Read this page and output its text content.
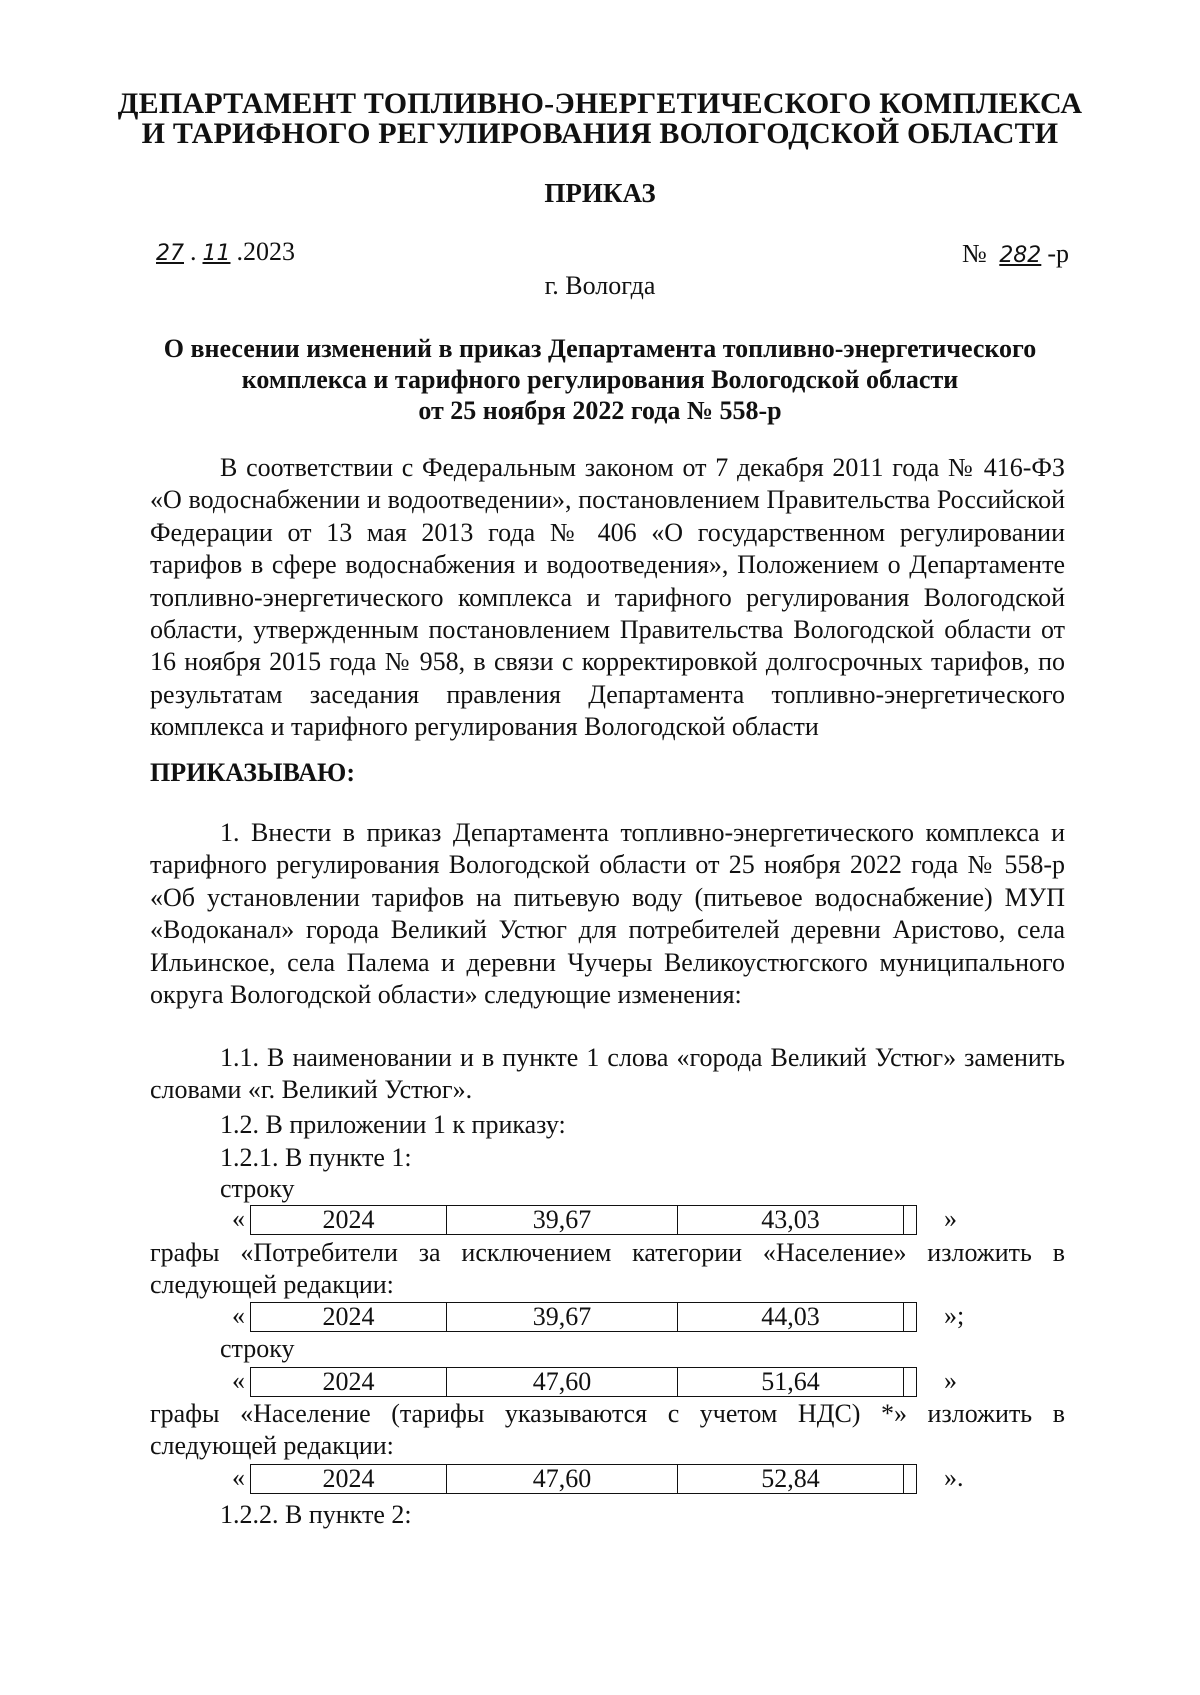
ДЕПАРТАМЕНТ ТОПЛИВНО-ЭНЕРГЕТИЧЕСКОГО КОМПЛЕКСА
И ТАРИФНОГО РЕГУЛИРОВАНИЯ ВОЛОГОДСКОЙ ОБЛАСТИ
ПРИКАЗ
27 . 11 .2023	№ 282 -р
г. Вологда
О внесении изменений в приказ Департамента топливно-энергетического
комплекса и тарифного регулирования Вологодской области
от 25 ноября 2022 года № 558-р
В соответствии с Федеральным законом от 7 декабря 2011 года № 416-ФЗ «О водоснабжении и водоотведении», постановлением Правительства Российской Федерации от 13 мая 2013 года № 406 «О государственном регулировании тарифов в сфере водоснабжения и водоотведения», Положением о Департаменте топливно-энергетического комплекса и тарифного регулирования Вологодской области, утвержденным постановлением Правительства Вологодской области от 16 ноября 2015 года № 958, в связи с корректировкой долгосрочных тарифов, по результатам заседания правления Департамента топливно-энергетического комплекса и тарифного регулирования Вологодской области
ПРИКАЗЫВАЮ:
1. Внести в приказ Департамента топливно-энергетического комплекса и тарифного регулирования Вологодской области от 25 ноября 2022 года № 558-р «Об установлении тарифов на питьевую воду (питьевое водоснабжение) МУП «Водоканал» города Великий Устюг для потребителей деревни Аристово, села Ильинское, села Палема и деревни Чучеры Великоустюгского муниципального округа Вологодской области» следующие изменения:
1.1. В наименовании и в пункте 1 слова «города Великий Устюг» заменить словами «г. Великий Устюг».
1.2. В приложении 1 к приказу:
1.2.1. В пункте 1:
строку
«	2024	39,67	43,03	»
графы «Потребители за исключением категории «Население» изложить в следующей редакции:
«	2024	39,67	44,03	»;
строку
«	2024	47,60	51,64	»
графы «Население (тарифы указываются с учетом НДС) *» изложить в следующей редакции:
«	2024	47,60	52,84	».
1.2.2. В пункте 2:
